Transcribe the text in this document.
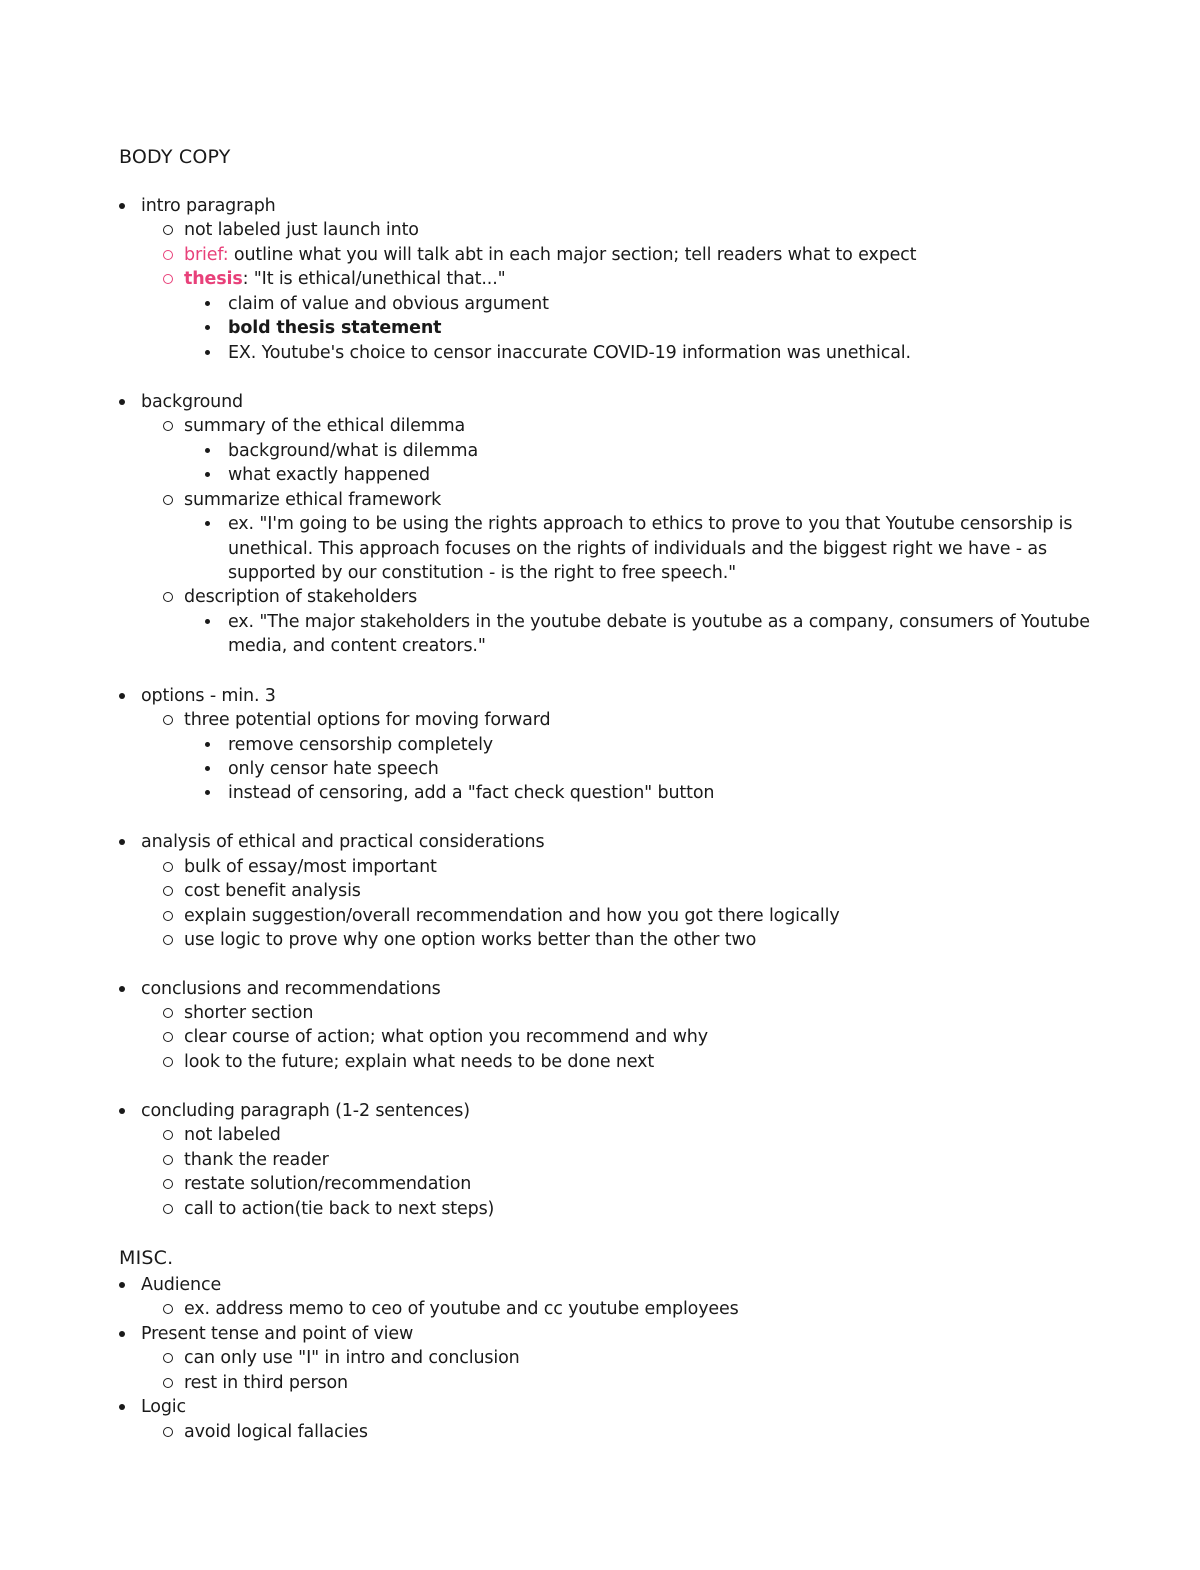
BODY COPY
intro paragraph
not labeled just launch into
brief: outline what you will talk abt in each major section; tell readers what to expect
thesis: "It is ethical/unethical that..."
claim of value and obvious argument
bold thesis statement
EX. Youtube's choice to censor inaccurate COVID-19 information was unethical.
background
summary of the ethical dilemma
background/what is dilemma
what exactly happened
summarize ethical framework
ex. "I'm going to be using the rights approach to ethics to prove to you that Youtube censorship is
unethical. This approach focuses on the rights of individuals and the biggest right we have - as
supported by our constitution - is the right to free speech."
description of stakeholders
ex. "The major stakeholders in the youtube debate is youtube as a company, consumers of Youtube
media, and content creators."
options - min. 3
three potential options for moving forward
remove censorship completely
only censor hate speech
instead of censoring, add a "fact check question" button
analysis of ethical and practical considerations
bulk of essay/most important
cost benefit analysis
explain suggestion/overall recommendation and how you got there logically
use logic to prove why one option works better than the other two
conclusions and recommendations
shorter section
clear course of action; what option you recommend and why
look to the future; explain what needs to be done next
concluding paragraph (1-2 sentences)
not labeled
thank the reader
restate solution/recommendation
call to action(tie back to next steps)
MISC.
Audience
ex. address memo to ceo of youtube and cc youtube employees
Present tense and point of view
can only use "I" in intro and conclusion
rest in third person
Logic
avoid logical fallacies
